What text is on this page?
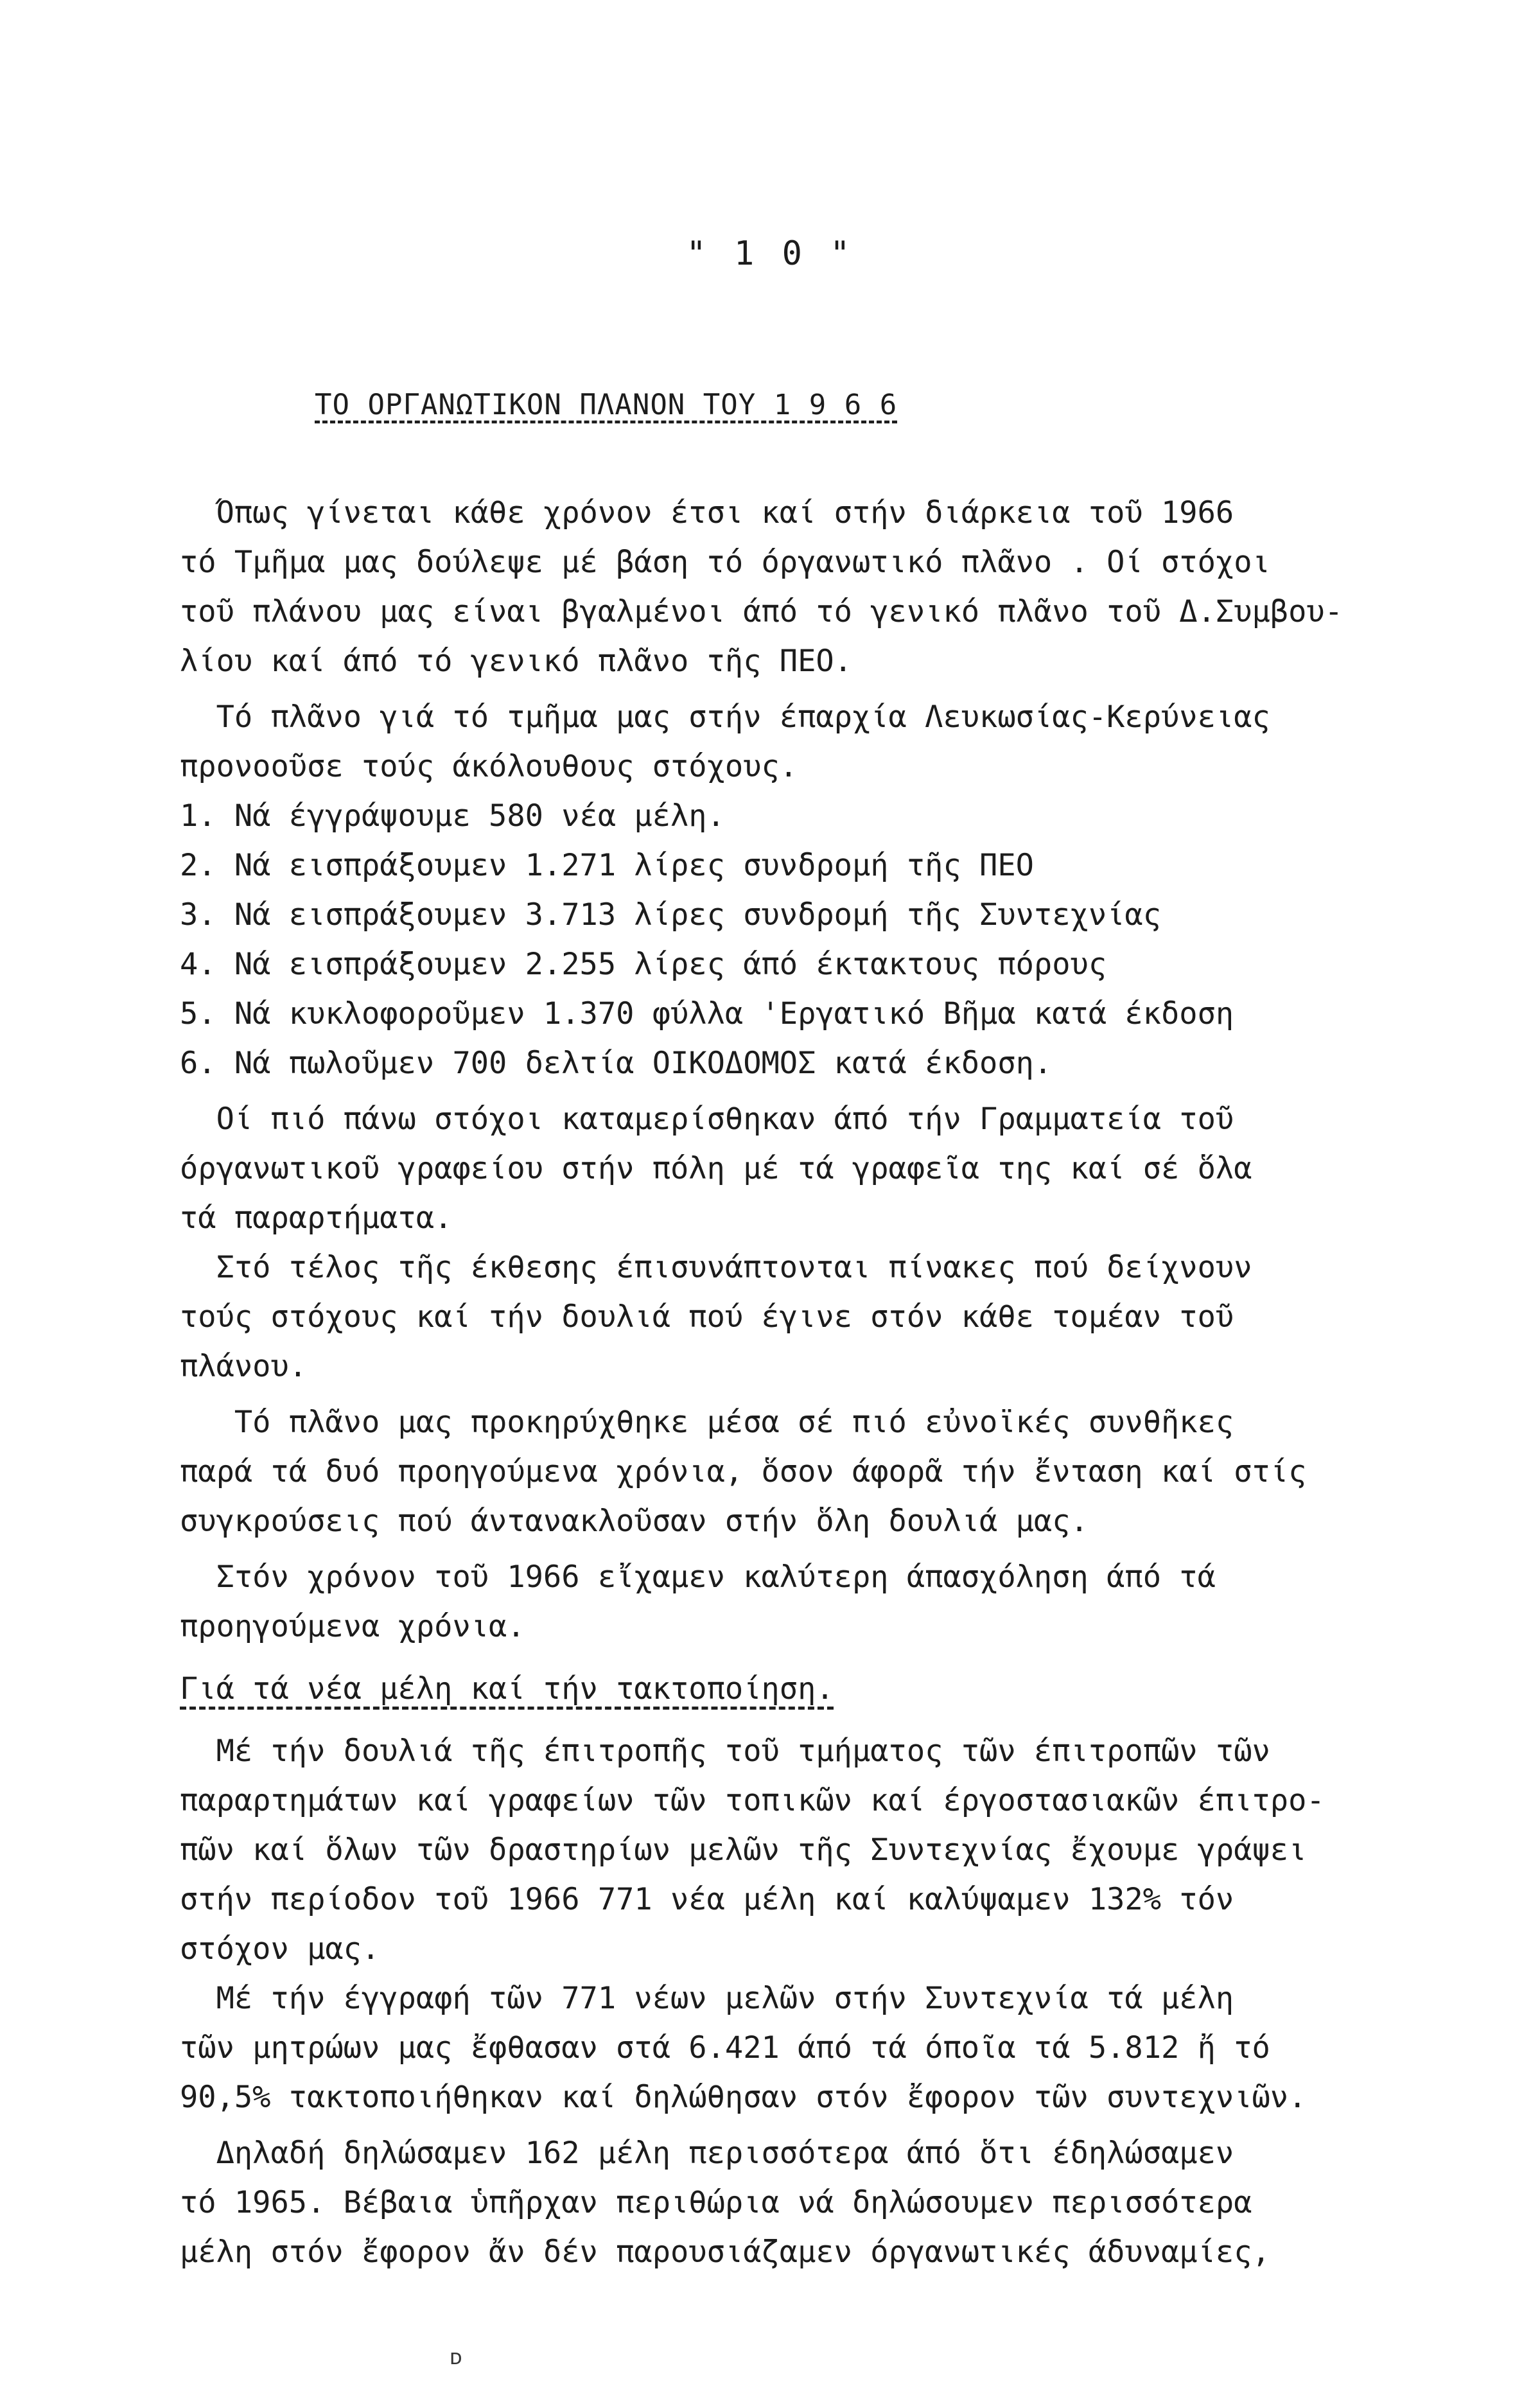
" 1 0 "
ΤΟ ΟΡΓΑΝΩΤΙΚΟΝ ΠΛΑΝΟΝ ΤΟΥ 1 9 6 6
Όπως γίνεται κάθε χρόνον έτσι καί στήν διάρκεια τοῦ 1966
τό Τμῆμα μας δούλεψε μέ βάση τό όργανωτικό πλᾶνο . Οί στόχοι
τοῦ πλάνου μας είναι βγαλμένοι άπό τό γενικό πλᾶνο τοῦ Δ.Συμβου-
λίου καί άπό τό γενικό πλᾶνο τῆς ΠΕΟ.
Τό πλᾶνο γιά τό τμῆμα μας στήν έπαρχία Λευκωσίας-Κερύνειας
προνοοῦσε τούς άκόλουθους στόχους.
1. Νά έγγράψουμε 580 νέα μέλη.
2. Νά εισπράξουμεν 1.271 λίρες συνδρομή τῆς ΠΕΟ
3. Νά εισπράξουμεν 3.713 λίρες συνδρομή τῆς Συντεχνίας
4. Νά εισπράξουμεν 2.255 λίρες άπό έκτακτους πόρους
5. Νά κυκλοφοροῦμεν 1.370 φύλλα 'Εργατικό Βῆμα κατά έκδοση
6. Νά πωλοῦμεν 700 δελτία ΟΙΚΟΔΟΜΟΣ κατά έκδοση.
Οί πιό πάνω στόχοι καταμερίσθηκαν άπό τήν Γραμματεία τοῦ
όργανωτικοῦ γραφείου στήν πόλη μέ τά γραφεῖα της καί σέ ὅλα
τά παραρτήματα.
Στό τέλος τῆς έκθεσης έπισυνάπτονται πίνακες πού δείχνουν
τούς στόχους καί τήν δουλιά πού έγινε στόν κάθε τομέαν τοῦ
πλάνου.
Τό πλᾶνο μας προκηρύχθηκε μέσα σέ πιό εὐνοϊκές συνθῆκες
παρά τά δυό προηγούμενα χρόνια, ὅσον άφορᾶ τήν ἔνταση καί στίς
συγκρούσεις πού άντανακλοῦσαν στήν ὅλη δουλιά μας.
Στόν χρόνον τοῦ 1966 εἴχαμεν καλύτερη άπασχόληση άπό τά
προηγούμενα χρόνια.
Γιά τά νέα μέλη καί τήν τακτοποίηση.
Μέ τήν δουλιά τῆς έπιτροπῆς τοῦ τμήματος τῶν έπιτροπῶν τῶν
παραρτημάτων καί γραφείων τῶν τοπικῶν καί έργοστασιακῶν έπιτρο-
πῶν καί ὅλων τῶν δραστηρίων μελῶν τῆς Συντεχνίας ἔχουμε γράψει
στήν περίοδον τοῦ 1966 771 νέα μέλη καί καλύψαμεν 132% τόν
στόχον μας.
Μέ τήν έγγραφή τῶν 771 νέων μελῶν στήν Συντεχνία τά μέλη
τῶν μητρώων μας ἔφθασαν στά 6.421 άπό τά όποῖα τά 5.812 ἤ τό
90,5% τακτοποιήθηκαν καί δηλώθησαν στόν ἔφορον τῶν συντεχνιῶν.
Δηλαδή δηλώσαμεν 162 μέλη περισσότερα άπό ὅτι έδηλώσαμεν
τό 1965. Βέβαια ὑπῆρχαν περιθώρια νά δηλώσουμεν περισσότερα
μέλη στόν ἔφορον ἄν δέν παρουσιάζαμεν όργανωτικές άδυναμίες,
ᴅ
